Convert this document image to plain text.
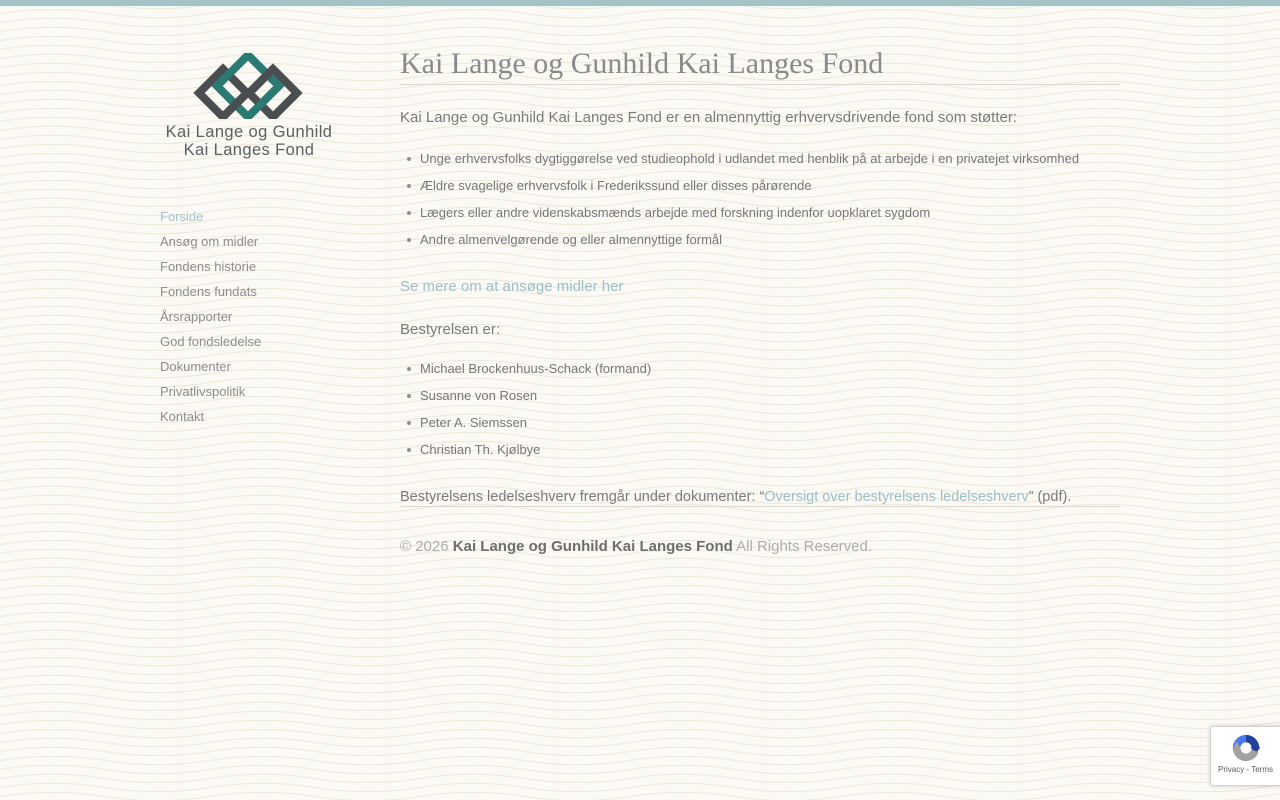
Kai Lange og Gunhild
Kai Langes Fond
Forside
Ansøg om midler
Fondens historie
Fondens fundats
Årsrapporter
God fondsledelse
Dokumenter
Privatlivspolitik
Kontakt
Kai Lange og Gunhild Kai Langes Fond

Kai Lange og Gunhild Kai Langes Fond er en almennyttig erhvervsdrivende fond som støtter:

Unge erhvervsfolks dygtiggørelse ved studieophold i udlandet med henblik på at arbejde i en privatejet virksomhed
Ældre svagelige erhvervsfolk i Frederikssund eller disses pårørende
Lægers eller andre videnskabsmænds arbejde med forskning indenfor uopklaret sygdom
Andre almenvelgørende og eller almennyttige formål

Se mere om at ansøge midler her

Bestyrelsen er:

Michael Brockenhuus-Schack (formand)
Susanne von Rosen
Peter A. Siemssen
Christian Th. Kjølbye

Bestyrelsens ledelseshverv fremgår under dokumenter: “Oversigt over bestyrelsens ledelseshverv” (pdf).

© 2026 Kai Lange og Gunhild Kai Langes Fond All Rights Reserved.

Privacy - Terms
